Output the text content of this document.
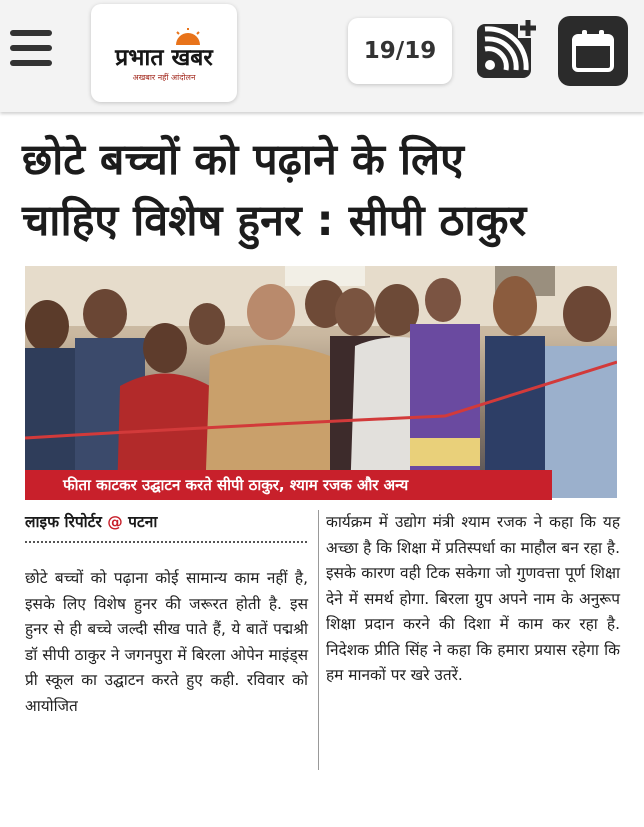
प्रभात खबर
अखबार नहीं आंदोलन
19/19
छोटे बच्चों को पढ़ाने के लिए
चाहिए विशेष हुनर : सीपी ठाकुर
फीता काटकर उद्घाटन करते सीपी ठाकुर, श्याम रजक और अन्य
लाइफ रिपोर्टर @ पटना

छोटे बच्चों को पढ़ाना कोई सामान्य काम नहीं है, इसके लिए विशेष हुनर की जरूरत होती है. इस हुनर से ही बच्चे जल्दी सीख पाते हैं, ये बातें पद्मश्री डॉ सीपी ठाकुर ने जगनपुरा में बिरला ओपेन माइंड्स प्री स्कूल का उद्घाटन करते हुए कही. रविवार को आयोजित

कार्यक्रम में उद्योग मंत्री श्याम रजक ने कहा कि यह अच्छा है कि शिक्षा में प्रतिस्पर्धा का माहौल बन रहा है. इसके कारण वही टिक सकेगा जो गुणवत्ता पूर्ण शिक्षा देने में समर्थ होगा. बिरला ग्रुप अपने नाम के अनुरूप शिक्षा प्रदान करने की दिशा में काम कर रहा है. निदेशक प्रीति सिंह ने कहा कि हमारा प्रयास रहेगा कि हम मानकों पर खरे उतरें.
